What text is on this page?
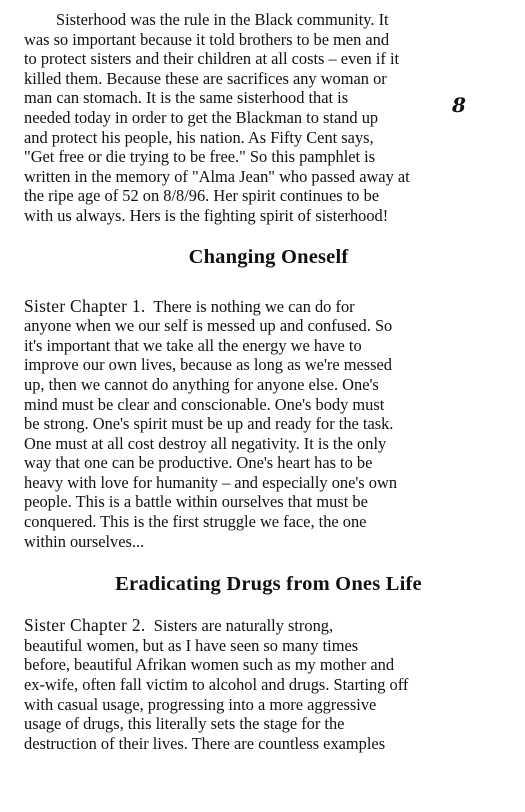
Sisterhood was the rule in the Black community. It
was so important because it told brothers to be men and
to protect sisters and their children at all costs – even if it
killed them. Because these are sacrifices any woman or
man can stomach. It is the same sisterhood that is
needed today in order to get the Blackman to stand up
and protect his people, his nation. As Fifty Cent says,
"Get free or die trying to be free." So this pamphlet is
written in the memory of "Alma Jean" who passed away at
the ripe age of 52 on 8/8/96. Her spirit continues to be
with us always. Hers is the fighting spirit of sisterhood!

Changing Oneself

Sister Chapter 1.  There is nothing we can do for
anyone when we our self is messed up and confused. So
it's important that we take all the energy we have to
improve our own lives, because as long as we're messed
up, then we cannot do anything for anyone else. One's
mind must be clear and conscionable. One's body must
be strong. One's spirit must be up and ready for the task.
One must at all cost destroy all negativity. It is the only
way that one can be productive. One's heart has to be
heavy with love for humanity – and especially one's own
people. This is a battle within ourselves that must be
conquered. This is the first struggle we face, the one
within ourselves...

Eradicating Drugs from Ones Life

Sister Chapter 2.  Sisters are naturally strong,
beautiful women, but as I have seen so many times
before, beautiful Afrikan women such as my mother and
ex-wife, often fall victim to alcohol and drugs. Starting off
with casual usage, progressing into a more aggressive
usage of drugs, this literally sets the stage for the
destruction of their lives. There are countless examples

8
